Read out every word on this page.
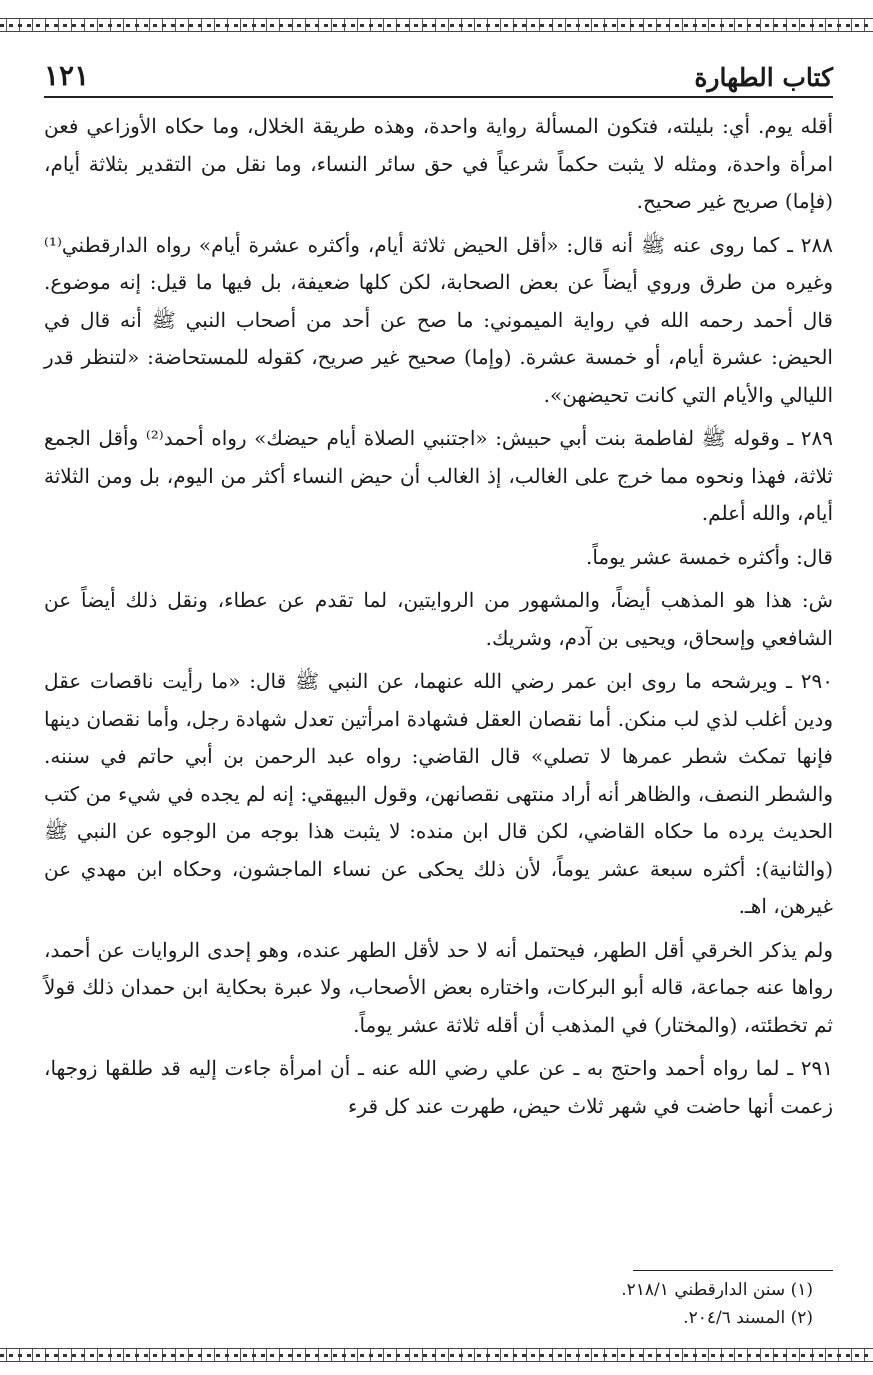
كتاب الطهارة
١٢١

أقله يوم. أي: بليلته، فتكون المسألة رواية واحدة، وهذه طريقة الخلال، وما حكاه الأوزاعي فعن امرأة واحدة، ومثله لا يثبت حكماً شرعياً في حق سائر النساء، وما نقل من التقدير بثلاثة أيام، (فإما) صريح غير صحيح.

٢٨٨ ـ كما روى عنه ﷺ أنه قال: «أقل الحيض ثلاثة أيام، وأكثره عشرة أيام» رواه الدارقطني⁽¹⁾ وغيره من طرق وروي أيضاً عن بعض الصحابة، لكن كلها ضعيفة، بل فيها ما قيل: إنه موضوع. قال أحمد رحمه الله في رواية الميموني: ما صح عن أحد من أصحاب النبي ﷺ أنه قال في الحيض: عشرة أيام، أو خمسة عشرة. (وإما) صحيح غير صريح، كقوله للمستحاضة: «لتنظر قدر الليالي والأيام التي كانت تحيضهن».

٢٨٩ ـ وقوله ﷺ لفاطمة بنت أبي حبيش: «اجتنبي الصلاة أيام حيضك» رواه أحمد⁽²⁾ وأقل الجمع ثلاثة، فهذا ونحوه مما خرج على الغالب، إذ الغالب أن حيض النساء أكثر من اليوم، بل ومن الثلاثة أيام، والله أعلم.

قال: وأكثره خمسة عشر يوماً.

ش: هذا هو المذهب أيضاً، والمشهور من الروايتين، لما تقدم عن عطاء، ونقل ذلك أيضاً عن الشافعي وإسحاق، ويحيى بن آدم، وشريك.

٢٩٠ ـ ويرشحه ما روى ابن عمر رضي الله عنهما، عن النبي ﷺ قال: «ما رأيت ناقصات عقل ودين أغلب لذي لب منكن. أما نقصان العقل فشهادة امرأتين تعدل شهادة رجل، وأما نقصان دينها فإنها تمكث شطر عمرها لا تصلي» قال القاضي: رواه عبد الرحمن بن أبي حاتم في سننه. والشطر النصف، والظاهر أنه أراد منتهى نقصانهن، وقول البيهقي: إنه لم يجده في شيء من كتب الحديث يرده ما حكاه القاضي، لكن قال ابن منده: لا يثبت هذا بوجه من الوجوه عن النبي ﷺ (والثانية): أكثره سبعة عشر يوماً، لأن ذلك يحكى عن نساء الماجشون، وحكاه ابن مهدي عن غيرهن، اهـ.

ولم يذكر الخرقي أقل الطهر، فيحتمل أنه لا حد لأقل الطهر عنده، وهو إحدى الروايات عن أحمد، رواها عنه جماعة، قاله أبو البركات، واختاره بعض الأصحاب، ولا عبرة بحكاية ابن حمدان ذلك قولاً ثم تخطئته، (والمختار) في المذهب أن أقله ثلاثة عشر يوماً.

٢٩١ ـ لما رواه أحمد واحتج به ـ عن علي رضي الله عنه ـ أن امرأة جاءت إليه قد طلقها زوجها، زعمت أنها حاضت في شهر ثلاث حيض، طهرت عند كل قرء

(١) سنن الدارقطني ٢١٨/١.
(٢) المسند ٢٠٤/٦.
